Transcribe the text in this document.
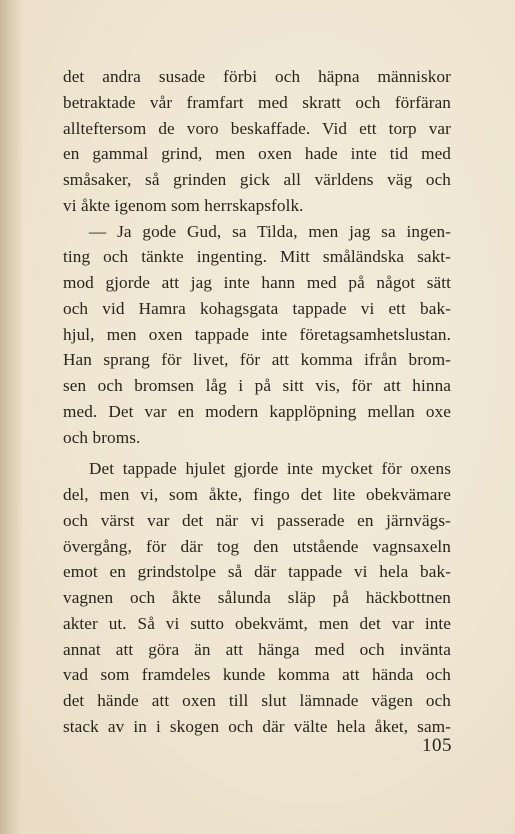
det andra susade förbi och häpna människor
betraktade vår framfart med skratt och förfäran
allteftersom de voro beskaffade. Vid ett torp var
en gammal grind, men oxen hade inte tid med
småsaker, så grinden gick all världens väg och
vi åkte igenom som herrskapsfolk.
— Ja gode Gud, sa Tilda, men jag sa ingen-
ting och tänkte ingenting. Mitt småländska sakt-
mod gjorde att jag inte hann med på något sätt
och vid Hamra kohagsgata tappade vi ett bak-
hjul, men oxen tappade inte företagsamhetslustan.
Han sprang för livet, för att komma ifrån brom-
sen och bromsen låg i på sitt vis, för att hinna
med. Det var en modern kapplöpning mellan oxe
och broms.
Det tappade hjulet gjorde inte mycket för oxens
del, men vi, som åkte, fingo det lite obekvämare
och värst var det när vi passerade en järnvägs-
övergång, för där tog den utstående vagnsaxeln
emot en grindstolpe så där tappade vi hela bak-
vagnen och åkte sålunda släp på häckbottnen
akter ut. Så vi sutto obekvämt, men det var inte
annat att göra än att hänga med och invänta
vad som framdeles kunde komma att hända och
det hände att oxen till slut lämnade vägen och
stack av in i skogen och där välte hela åket, sam-
105
